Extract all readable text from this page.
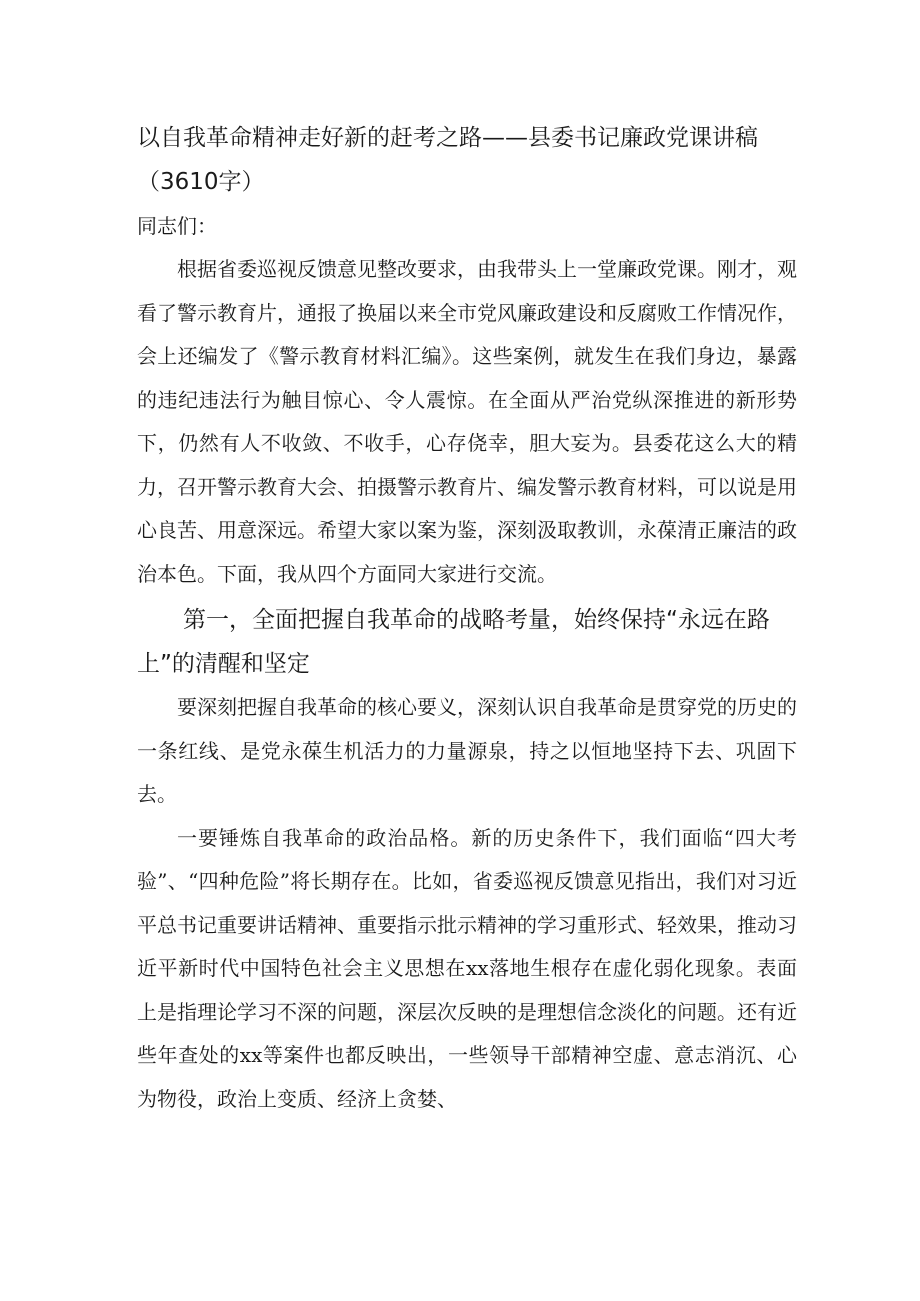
以自我革命精神走好新的赶考之路——县委书记廉政党课讲稿（3610字）

同志们：

根据省委巡视反馈意见整改要求，由我带头上一堂廉政党课。刚才，观看了警示教育片，通报了换届以来全市党风廉政建设和反腐败工作情况作，会上还编发了《警示教育材料汇编》。这些案例，就发生在我们身边，暴露的违纪违法行为触目惊心、令人震惊。在全面从严治党纵深推进的新形势下，仍然有人不收敛、不收手，心存侥幸，胆大妄为。县委花这么大的精力，召开警示教育大会、拍摄警示教育片、编发警示教育材料，可以说是用心良苦、用意深远。希望大家以案为鉴，深刻汲取教训，永葆清正廉洁的政治本色。下面，我从四个方面同大家进行交流。

第一，全面把握自我革命的战略考量，始终保持“永远在路上”的清醒和坚定

要深刻把握自我革命的核心要义，深刻认识自我革命是贯穿党的历史的一条红线、是党永葆生机活力的力量源泉，持之以恒地坚持下去、巩固下去。

一要锤炼自我革命的政治品格。新的历史条件下，我们面临“四大考验”、“四种危险”将长期存在。比如，省委巡视反馈意见指出，我们对习近平总书记重要讲话精神、重要指示批示精神的学习重形式、轻效果，推动习近平新时代中国特色社会主义思想在xx落地生根存在虚化弱化现象。表面上是指理论学习不深的问题，深层次反映的是理想信念淡化的问题。还有近些年查处的xx等案件也都反映出，一些领导干部精神空虚、意志消沉、心为物役，政治上变质、经济上贪婪、
